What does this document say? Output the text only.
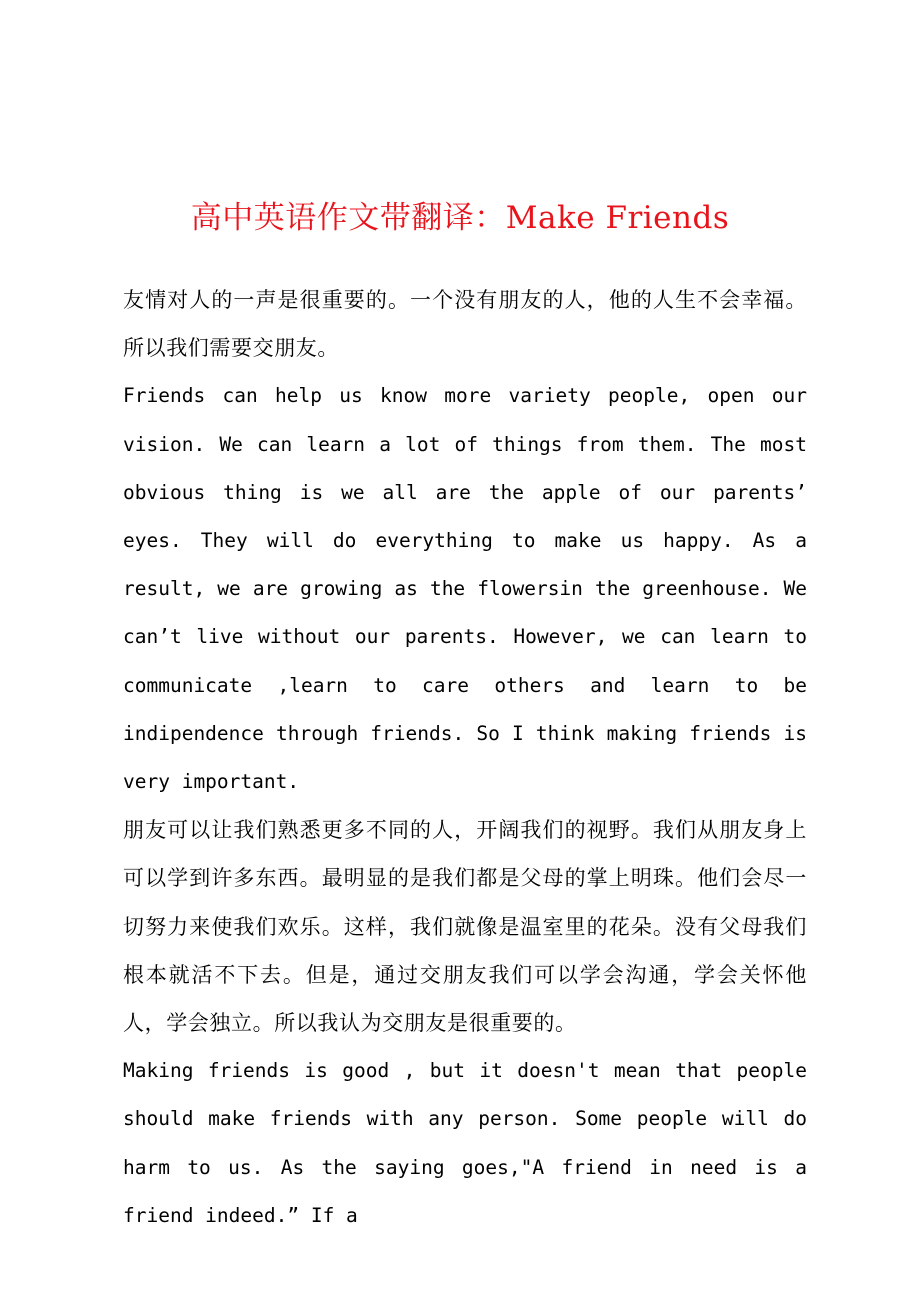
高中英语作文带翻译：Make Friends

友情对人的一声是很重要的。一个没有朋友的人，他的人生不会幸福。所以我们需要交朋友。

Friends can help us know more variety people, open our vision. We can learn a lot of things from them. The most obvious thing is we all are the apple of our parents’ eyes. They will do everything to make us happy. As a result, we are growing as the flowersin the greenhouse. We can’t live without our parents. However, we can learn to communicate ,learn to care others and learn to be indipendence through friends. So I think making friends is very important.

朋友可以让我们熟悉更多不同的人，开阔我们的视野。我们从朋友身上可以学到许多东西。最明显的是我们都是父母的掌上明珠。他们会尽一切努力来使我们欢乐。这样，我们就像是温室里的花朵。没有父母我们根本就活不下去。但是，通过交朋友我们可以学会沟通，学会关怀他人，学会独立。所以我认为交朋友是很重要的。

Making friends is good , but it doesn't mean that people should make friends with any person. Some people will do harm to us. As the saying goes,"A friend in need is a friend indeed.” If a
